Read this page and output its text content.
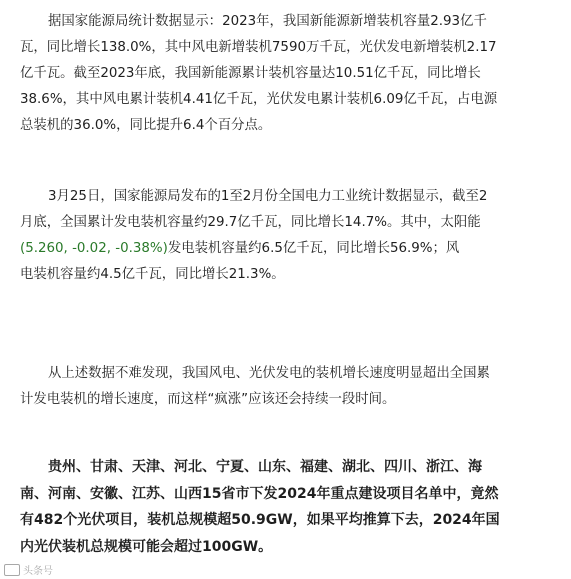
据国家能源局统计数据显示：2023年，我国新能源新增装机容量2.93亿千
瓦，同比增长138.0%，其中风电新增装机7590万千瓦，光伏发电新增装机2.17
亿千瓦。截至2023年底，我国新能源累计装机容量达10.51亿千瓦，同比增长
38.6%，其中风电累计装机4.41亿千瓦，光伏发电累计装机6.09亿千瓦，占电源
总装机的36.0%，同比提升6.4个百分点。
3月25日，国家能源局发布的1至2月份全国电力工业统计数据显示，截至2
月底，全国累计发电装机容量约29.7亿千瓦，同比增长14.7%。其中，太阳能
(5.260, -0.02, -0.38%)发电装机容量约6.5亿千瓦，同比增长56.9%；风
电装机容量约4.5亿千瓦，同比增长21.3%。
从上述数据不难发现，我国风电、光伏发电的装机增长速度明显超出全国累
计发电装机的增长速度，而这样“疯涨”应该还会持续一段时间。
贵州、甘肃、天津、河北、宁夏、山东、福建、湖北、四川、浙江、海
南、河南、安徽、江苏、山西15省市下发2024年重点建设项目名单中，竟然
有482个光伏项目，装机总规模超50.9GW，如果平均推算下去，2024年国
内光伏装机总规模可能会超过100GW。
头条号
